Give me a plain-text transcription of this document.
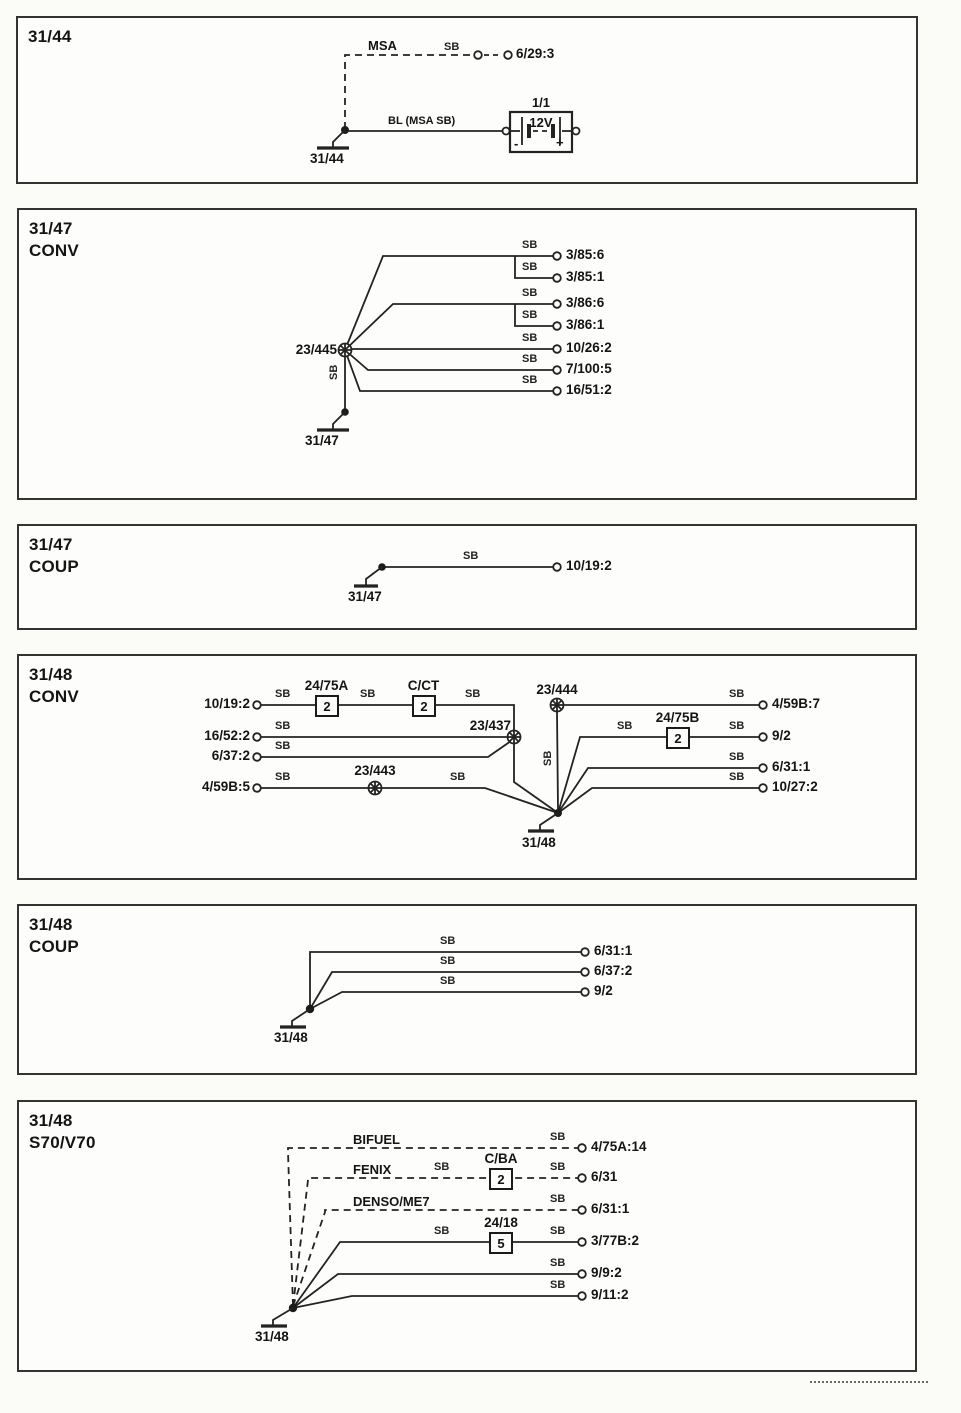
31/44	MSA	SB	6/29:3
BL (MSA SB)
1/1
12V
-	+
31/44
31/47
CONV
23/445
SB
SB
SB
SB
SB
SB
SB
SB
3/85:6
3/85:1
3/86:6
3/86:1
10/26:2
7/100:5
16/51:2
31/47
31/47
COUP
SB
10/19:2
31/47
2	2
2
31/48
CONV	10/19:2
16/52:2
6/37:2
4/59B:5
SB	SB	SB
SB
SB
SB	SB
SB
SB	SB
SB
SB
SB
24/75A	C/CT
24/75B
23/437
23/443
23/444
4/59B:7
9/2
6/31:1
10/27:2
31/48
31/48
COUP	SB
SB
SB
6/31:1
6/37:2
9/2
31/48
2
5
31/48
S70/V70	BIFUEL
FENIX
DENSO/ME7
C/BA
24/18
SB
SB
SB
SB
SB
SB
SB
SB
4/75A:14
6/31
6/31:1
3/77B:2
9/9:2
9/11:2
31/48
